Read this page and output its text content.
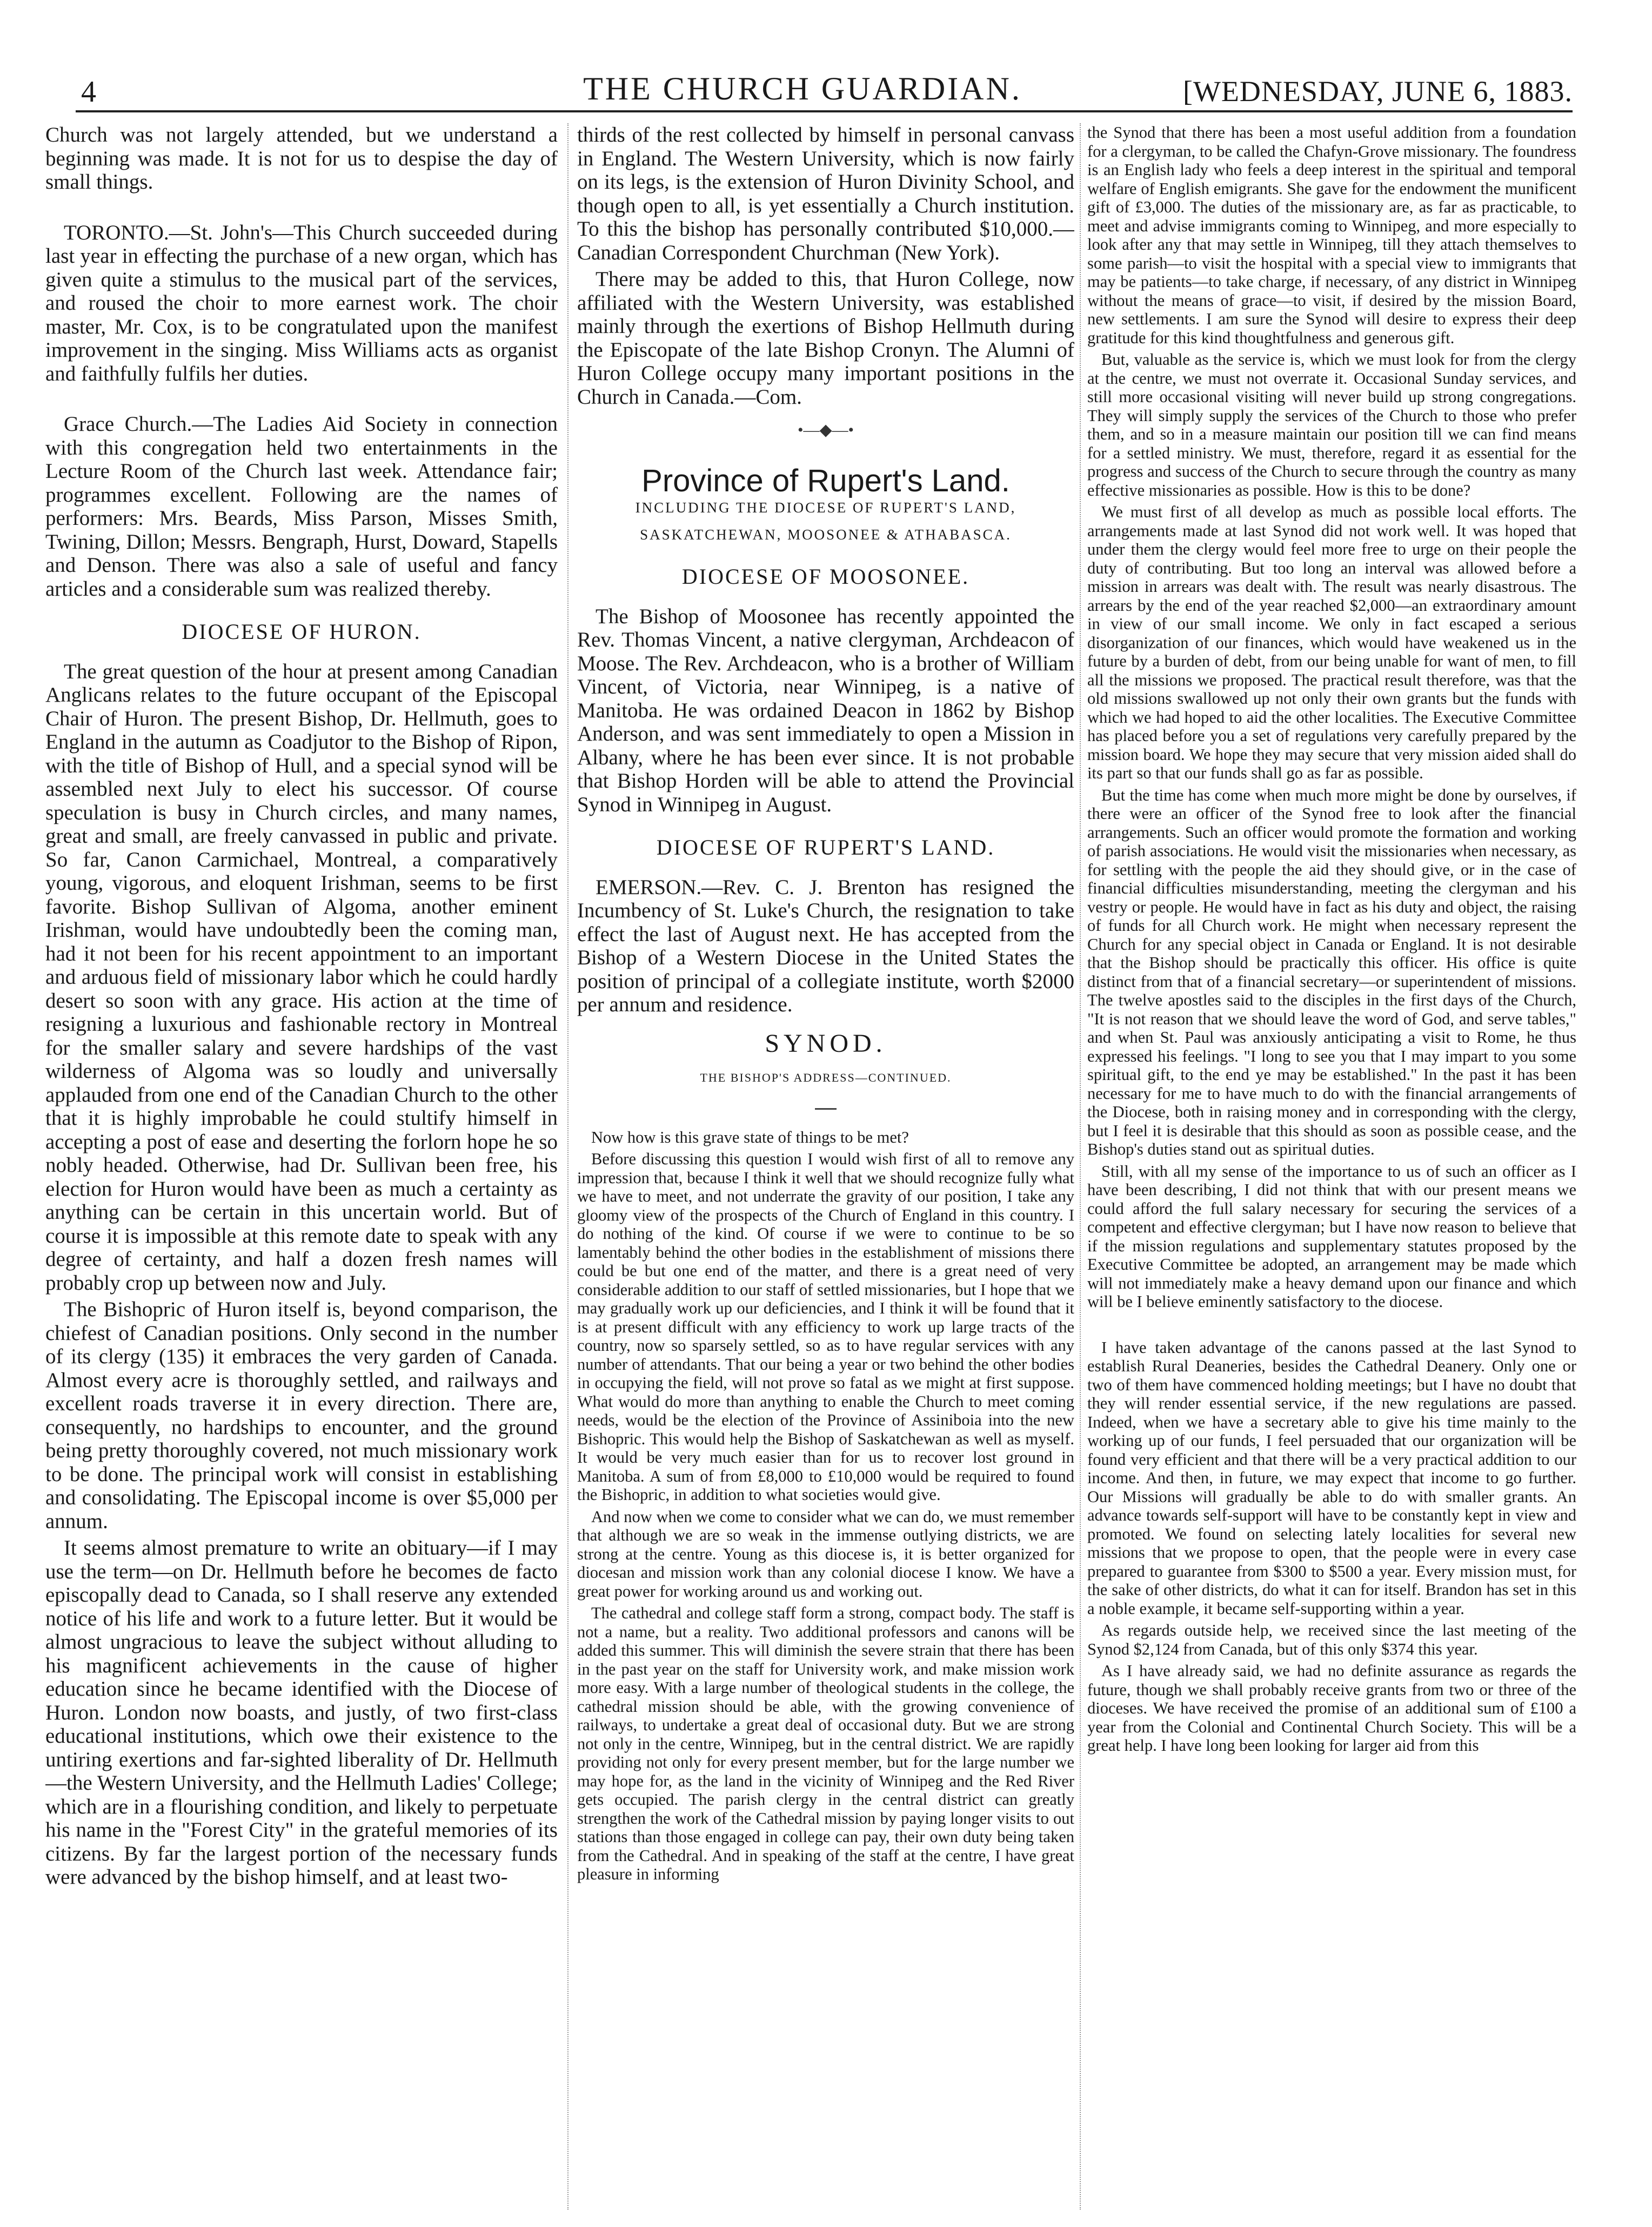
4	THE CHURCH GUARDIAN.	[WEDNESDAY, JUNE 6, 1883.

Church was not largely attended, but we understand a beginning was made. It is not for us to despise the day of small things.

TORONTO.—St. John's—This Church succeeded during last year in effecting the purchase of a new organ, which has given quite a stimulus to the musical part of the services, and roused the choir to more earnest work. The choir master, Mr. Cox, is to be congratulated upon the manifest improvement in the singing. Miss Williams acts as organist and faithfully fulfils her duties.

Grace Church.—The Ladies Aid Society in connection with this congregation held two entertainments in the Lecture Room of the Church last week. Attendance fair; programmes excellent. Following are the names of performers: Mrs. Beards, Miss Parson, Misses Smith, Twining, Dillon; Messrs. Bengraph, Hurst, Doward, Stapells and Denson. There was also a sale of useful and fancy articles and a considerable sum was realized thereby.

DIOCESE OF HURON.

The great question of the hour at present among Canadian Anglicans relates to the future occupant of the Episcopal Chair of Huron. The present Bishop, Dr. Hellmuth, goes to England in the autumn as Coadjutor to the Bishop of Ripon, with the title of Bishop of Hull, and a special synod will be assembled next July to elect his successor. Of course speculation is busy in Church circles, and many names, great and small, are freely canvassed in public and private. So far, Canon Carmichael, Montreal, a comparatively young, vigorous, and eloquent Irishman, seems to be first favorite. Bishop Sullivan of Algoma, another eminent Irishman, would have undoubtedly been the coming man, had it not been for his recent appointment to an important and arduous field of missionary labor which he could hardly desert so soon with any grace. His action at the time of resigning a luxurious and fashionable rectory in Montreal for the smaller salary and severe hardships of the vast wilderness of Algoma was so loudly and universally applauded from one end of the Canadian Church to the other that it is highly improbable he could stultify himself in accepting a post of ease and deserting the forlorn hope he so nobly headed. Otherwise, had Dr. Sullivan been free, his election for Huron would have been as much a certainty as anything can be certain in this uncertain world. But of course it is impossible at this remote date to speak with any degree of certainty, and half a dozen fresh names will probably crop up between now and July.

The Bishopric of Huron itself is, beyond comparison, the chiefest of Canadian positions. Only second in the number of its clergy (135) it embraces the very garden of Canada. Almost every acre is thoroughly settled, and railways and excellent roads traverse it in every direction. There are, consequently, no hardships to encounter, and the ground being pretty thoroughly covered, not much missionary work to be done. The principal work will consist in establishing and consolidating. The Episcopal income is over $5,000 per annum.

It seems almost premature to write an obituary—if I may use the term—on Dr. Hellmuth before he becomes de facto episcopally dead to Canada, so I shall reserve any extended notice of his life and work to a future letter. But it would be almost ungracious to leave the subject without alluding to his magnificent achievements in the cause of higher education since he became identified with the Diocese of Huron. London now boasts, and justly, of two first-class educational institutions, which owe their existence to the untiring exertions and far-sighted liberality of Dr. Hellmuth—the Western University, and the Hellmuth Ladies' College; which are in a flourishing condition, and likely to perpetuate his name in the "Forest City" in the grateful memories of its citizens. By far the largest portion of the necessary funds were advanced by the bishop himself, and at least two-

thirds of the rest collected by himself in personal canvass in England. The Western University, which is now fairly on its legs, is the extension of Huron Divinity School, and though open to all, is yet essentially a Church institution. To this the bishop has personally contributed $10,000.—Canadian Correspondent Churchman (New York).

There may be added to this, that Huron College, now affiliated with the Western University, was established mainly through the exertions of Bishop Hellmuth during the Episcopate of the late Bishop Cronyn. The Alumni of Huron College occupy many important positions in the Church in Canada.—Com.

•—◆—•
Province of Rupert's Land.
INCLUDING THE DIOCESE OF RUPERT'S LAND,
SASKATCHEWAN, MOOSONEE & ATHABASCA.
DIOCESE OF MOOSONEE.

The Bishop of Moosonee has recently appointed the Rev. Thomas Vincent, a native clergyman, Archdeacon of Moose. The Rev. Archdeacon, who is a brother of William Vincent, of Victoria, near Winnipeg, is a native of Manitoba. He was ordained Deacon in 1862 by Bishop Anderson, and was sent immediately to open a Mission in Albany, where he has been ever since. It is not probable that Bishop Horden will be able to attend the Provincial Synod in Winnipeg in August.

DIOCESE OF RUPERT'S LAND.

EMERSON.—Rev. C. J. Brenton has resigned the Incumbency of St. Luke's Church, the resignation to take effect the last of August next. He has accepted from the Bishop of a Western Diocese in the United States the position of principal of a collegiate institute, worth $2000 per annum and residence.

SYNOD.
THE BISHOP'S ADDRESS—CONTINUED.

Now how is this grave state of things to be met?

Before discussing this question I would wish first of all to remove any impression that, because I think it well that we should recognize fully what we have to meet, and not underrate the gravity of our position, I take any gloomy view of the prospects of the Church of England in this country. I do nothing of the kind. Of course if we were to continue to be so lamentably behind the other bodies in the establishment of missions there could be but one end of the matter, and there is a great need of very considerable addition to our staff of settled missionaries, but I hope that we may gradually work up our deficiencies, and I think it will be found that it is at present difficult with any efficiency to work up large tracts of the country, now so sparsely settled, so as to have regular services with any number of attendants. That our being a year or two behind the other bodies in occupying the field, will not prove so fatal as we might at first suppose. What would do more than anything to enable the Church to meet coming needs, would be the election of the Province of Assiniboia into the new Bishopric. This would help the Bishop of Saskatchewan as well as myself. It would be very much easier than for us to recover lost ground in Manitoba. A sum of from £8,000 to £10,000 would be required to found the Bishopric, in addition to what societies would give.

And now when we come to consider what we can do, we must remember that although we are so weak in the immense outlying districts, we are strong at the centre. Young as this diocese is, it is better organized for diocesan and mission work than any colonial diocese I know. We have a great power for working around us and working out.

The cathedral and college staff form a strong, compact body. The staff is not a name, but a reality. Two additional professors and canons will be added this summer. This will diminish the severe strain that there has been in the past year on the staff for University work, and make mission work more easy. With a large number of theological students in the college, the cathedral mission should be able, with the growing convenience of railways, to undertake a great deal of occasional duty. But we are strong not only in the centre, Winnipeg, but in the central district. We are rapidly providing not only for every present member, but for the large number we may hope for, as the land in the vicinity of Winnipeg and the Red River gets occupied. The parish clergy in the central district can greatly strengthen the work of the Cathedral mission by paying longer visits to out stations than those engaged in college can pay, their own duty being taken from the Cathedral. And in speaking of the staff at the centre, I have great pleasure in informing

the Synod that there has been a most useful addition from a foundation for a clergyman, to be called the Chafyn-Grove missionary. The foundress is an English lady who feels a deep interest in the spiritual and temporal welfare of English emigrants. She gave for the endowment the munificent gift of £3,000. The duties of the missionary are, as far as practicable, to meet and advise immigrants coming to Winnipeg, and more especially to look after any that may settle in Winnipeg, till they attach themselves to some parish—to visit the hospital with a special view to immigrants that may be patients—to take charge, if necessary, of any district in Winnipeg without the means of grace—to visit, if desired by the mission Board, new settlements. I am sure the Synod will desire to express their deep gratitude for this kind thoughtfulness and generous gift.

But, valuable as the service is, which we must look for from the clergy at the centre, we must not overrate it. Occasional Sunday services, and still more occasional visiting will never build up strong congregations. They will simply supply the services of the Church to those who prefer them, and so in a measure maintain our position till we can find means for a settled ministry. We must, therefore, regard it as essential for the progress and success of the Church to secure through the country as many effective missionaries as possible. How is this to be done?

We must first of all develop as much as possible local efforts. The arrangements made at last Synod did not work well. It was hoped that under them the clergy would feel more free to urge on their people the duty of contributing. But too long an interval was allowed before a mission in arrears was dealt with. The result was nearly disastrous. The arrears by the end of the year reached $2,000—an extraordinary amount in view of our small income. We only in fact escaped a serious disorganization of our finances, which would have weakened us in the future by a burden of debt, from our being unable for want of men, to fill all the missions we proposed. The practical result therefore, was that the old missions swallowed up not only their own grants but the funds with which we had hoped to aid the other localities. The Executive Committee has placed before you a set of regulations very carefully prepared by the mission board. We hope they may secure that very mission aided shall do its part so that our funds shall go as far as possible.

But the time has come when much more might be done by ourselves, if there were an officer of the Synod free to look after the financial arrangements. Such an officer would promote the formation and working of parish associations. He would visit the missionaries when necessary, as for settling with the people the aid they should give, or in the case of financial difficulties misunderstanding, meeting the clergyman and his vestry or people. He would have in fact as his duty and object, the raising of funds for all Church work. He might when necessary represent the Church for any special object in Canada or England. It is not desirable that the Bishop should be practically this officer. His office is quite distinct from that of a financial secretary—or superintendent of missions. The twelve apostles said to the disciples in the first days of the Church, "It is not reason that we should leave the word of God, and serve tables," and when St. Paul was anxiously anticipating a visit to Rome, he thus expressed his feelings. "I long to see you that I may impart to you some spiritual gift, to the end ye may be established." In the past it has been necessary for me to have much to do with the financial arrangements of the Diocese, both in raising money and in corresponding with the clergy, but I feel it is desirable that this should as soon as possible cease, and the Bishop's duties stand out as spiritual duties.

Still, with all my sense of the importance to us of such an officer as I have been describing, I did not think that with our present means we could afford the full salary necessary for securing the services of a competent and effective clergyman; but I have now reason to believe that if the mission regulations and supplementary statutes proposed by the Executive Committee be adopted, an arrangement may be made which will not immediately make a heavy demand upon our finance and which will be I believe eminently satisfactory to the diocese.

I have taken advantage of the canons passed at the last Synod to establish Rural Deaneries, besides the Cathedral Deanery. Only one or two of them have commenced holding meetings; but I have no doubt that they will render essential service, if the new regulations are passed. Indeed, when we have a secretary able to give his time mainly to the working up of our funds, I feel persuaded that our organization will be found very efficient and that there will be a very practical addition to our income. And then, in future, we may expect that income to go further. Our Missions will gradually be able to do with smaller grants. An advance towards self-support will have to be constantly kept in view and promoted. We found on selecting lately localities for several new missions that we propose to open, that the people were in every case prepared to guarantee from $300 to $500 a year. Every mission must, for the sake of other districts, do what it can for itself. Brandon has set in this a noble example, it became self-supporting within a year.

As regards outside help, we received since the last meeting of the Synod $2,124 from Canada, but of this only $374 this year.

As I have already said, we had no definite assurance as regards the future, though we shall probably receive grants from two or three of the dioceses. We have received the promise of an additional sum of £100 a year from the Colonial and Continental Church Society. This will be a great help. I have long been looking for larger aid from this
